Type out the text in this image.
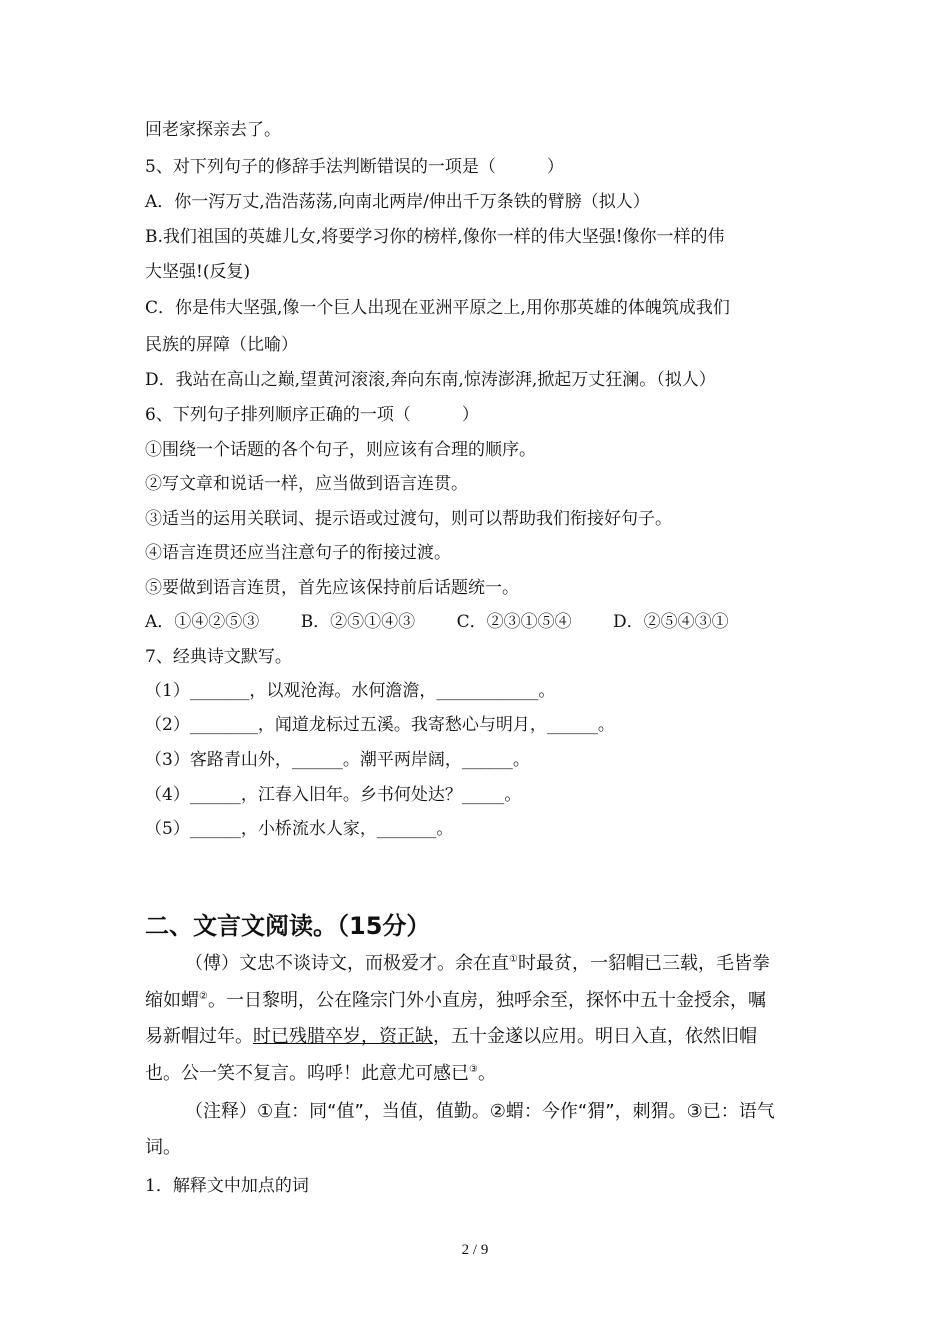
回老家探亲去了。
5、对下列句子的修辞手法判断错误的一项是（　　　）
A．你一泻万丈,浩浩荡荡,向南北两岸/伸出千万条铁的臂膀（拟人）
B.我们祖国的英雄儿女,将要学习你的榜样,像你一样的伟大坚强!像你一样的伟
大坚强!(反复)
C．你是伟大坚强,像一个巨人出现在亚洲平原之上,用你那英雄的体魄筑成我们
民族的屏障（比喻）
D．我站在高山之巅,望黄河滚滚,奔向东南,惊涛澎湃,掀起万丈狂澜。（拟人）
6、下列句子排列顺序正确的一项（　　　）
①围绕一个话题的各个句子，则应该有合理的顺序。
②写文章和说话一样，应当做到语言连贯。
③适当的运用关联词、提示语或过渡句，则可以帮助我们衔接好句子。
④语言连贯还应当注意句子的衔接过渡。
⑤要做到语言连贯，首先应该保持前后话题统一。
A．①④②⑤③ B．②⑤①④③ C．②③①⑤④ D．②⑤④③①
7、经典诗文默写。
（1）_______，以观沧海。水何澹澹，____________。
（2）________，闻道龙标过五溪。我寄愁心与明月，______。
（3）客路青山外，______。潮平两岸阔，______。
（4）______，江春入旧年。乡书何处达？_____。
（5）______，小桥流水人家，_______。
二、文言文阅读。（15分）
（傅）文忠不谈诗文，而极爱才。余在直①时最贫，一貂帽已三载，毛皆拳
缩如蝟②。一日黎明，公在隆宗门外小直房，独呼余至，探怀中五十金授余，嘱
易新帽过年。时已残腊卒岁，资正缺，五十金遂以应用。明日入直，依然旧帽
也。公一笑不复言。呜呼！此意尤可感已③。
（注释）①直：同“值”，当值，值勤。②蝟：今作“猬”，刺猬。③已：语气
词。
1．解释文中加点的词
2 / 9
